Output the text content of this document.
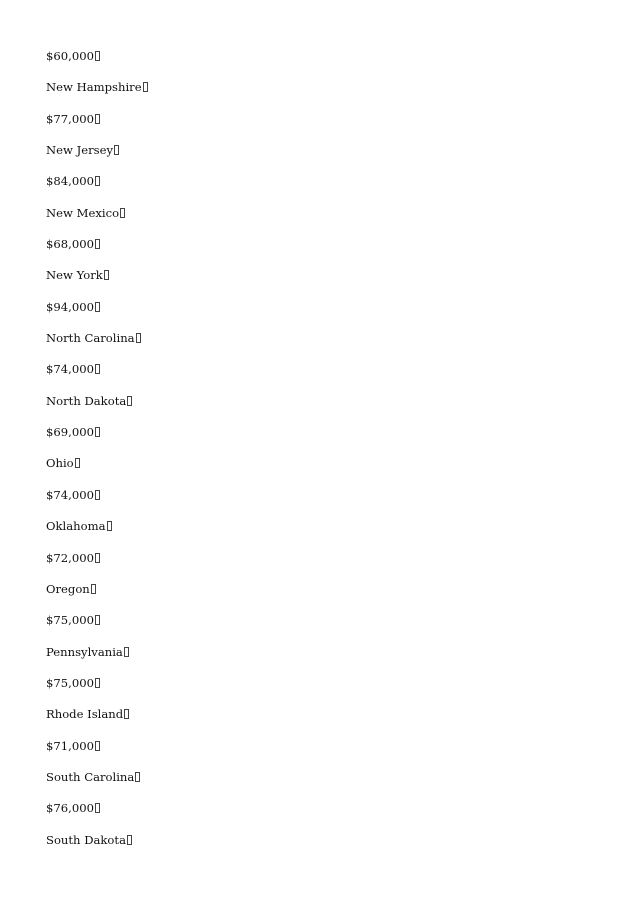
$60,000
New Hampshire
$77,000
New Jersey
$84,000
New Mexico
$68,000
New York
$94,000
North Carolina
$74,000
North Dakota
$69,000
Ohio
$74,000
Oklahoma
$72,000
Oregon
$75,000
Pennsylvania
$75,000
Rhode Island
$71,000
South Carolina
$76,000
South Dakota
